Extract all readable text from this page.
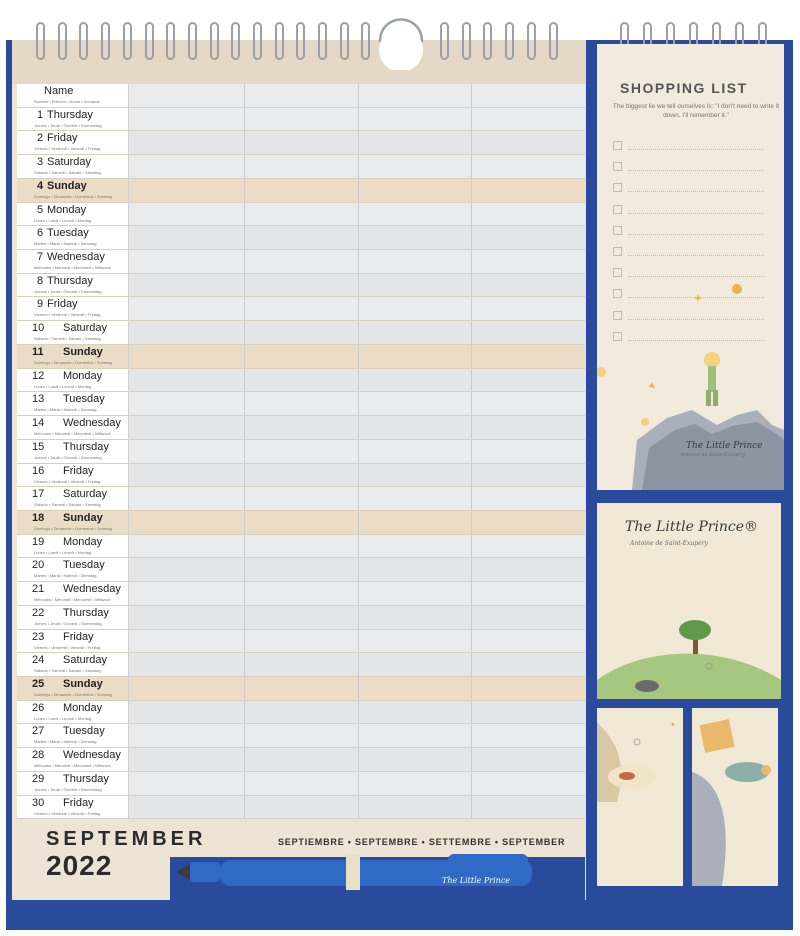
Name
Nombre • Prénom • Nome • Vorname
1 Thursday
Jueves • Jeudi • Giovedì • Donnerstag
2 Friday
Viernes • Vendredi • Venerdì • Freitag
3 Saturday
Sábado • Samedi • Sabato • Samstag
4 Sunday
Domingo • Dimanche • Domenica • Sonntag
5 Monday
Lunes • Lundi • Lunedì • Montag
6 Tuesday
Martes • Mardi • Martedì • Dienstag
7 Wednesday
Miércoles • Mercredi • Mercoledì • Mittwoch
8 Thursday
Jueves • Jeudi • Giovedì • Donnerstag
9 Friday
Viernes • Vendredi • Venerdì • Freitag
10 Saturday
Sábado • Samedi • Sabato • Samstag
11 Sunday
Domingo • Dimanche • Domenica • Sonntag
12 Monday
Lunes • Lundi • Lunedì • Montag
13 Tuesday
Martes • Mardi • Martedì • Dienstag
14 Wednesday
Miércoles • Mercredi • Mercoledì • Mittwoch
15 Thursday
Jueves • Jeudi • Giovedì • Donnerstag
16 Friday
Viernes • Vendredi • Venerdì • Freitag
17 Saturday
Sábado • Samedi • Sabato • Samstag
18 Sunday
Domingo • Dimanche • Domenica • Sonntag
19 Monday
Lunes • Lundi • Lunedì • Montag
20 Tuesday
Martes • Mardi • Martedì • Dienstag
21 Wednesday
Miércoles • Mercredi • Mercoledì • Mittwoch
22 Thursday
Jueves • Jeudi • Giovedì • Donnerstag
23 Friday
Viernes • Vendredi • Venerdì • Freitag
24 Saturday
Sábado • Samedi • Sabato • Samstag
25 Sunday
Domingo • Dimanche • Domenica • Sonntag
26 Monday
Lunes • Lundi • Lunedì • Montag
27 Tuesday
Martes • Mardi • Martedì • Dienstag
28 Wednesday
Miércoles • Mercredi • Mercoledì • Mittwoch
29 Thursday
Jueves • Jeudi • Giovedì • Donnerstag
30 Friday
Viernes • Vendredi • Venerdì • Freitag
SEPTEMBER
2022
SEPTIEMBRE • SEPTEMBRE • SETTEMBRE • SEPTEMBER
The Little Prince
SHOPPING LIST
The biggest lie we tell ourselves is: "I don't need to write it down. I'll remember it."
The Little Prince
Antoine de Saint-Exupéry
The Little Prince®
Antoine de Saint-Exupéry
